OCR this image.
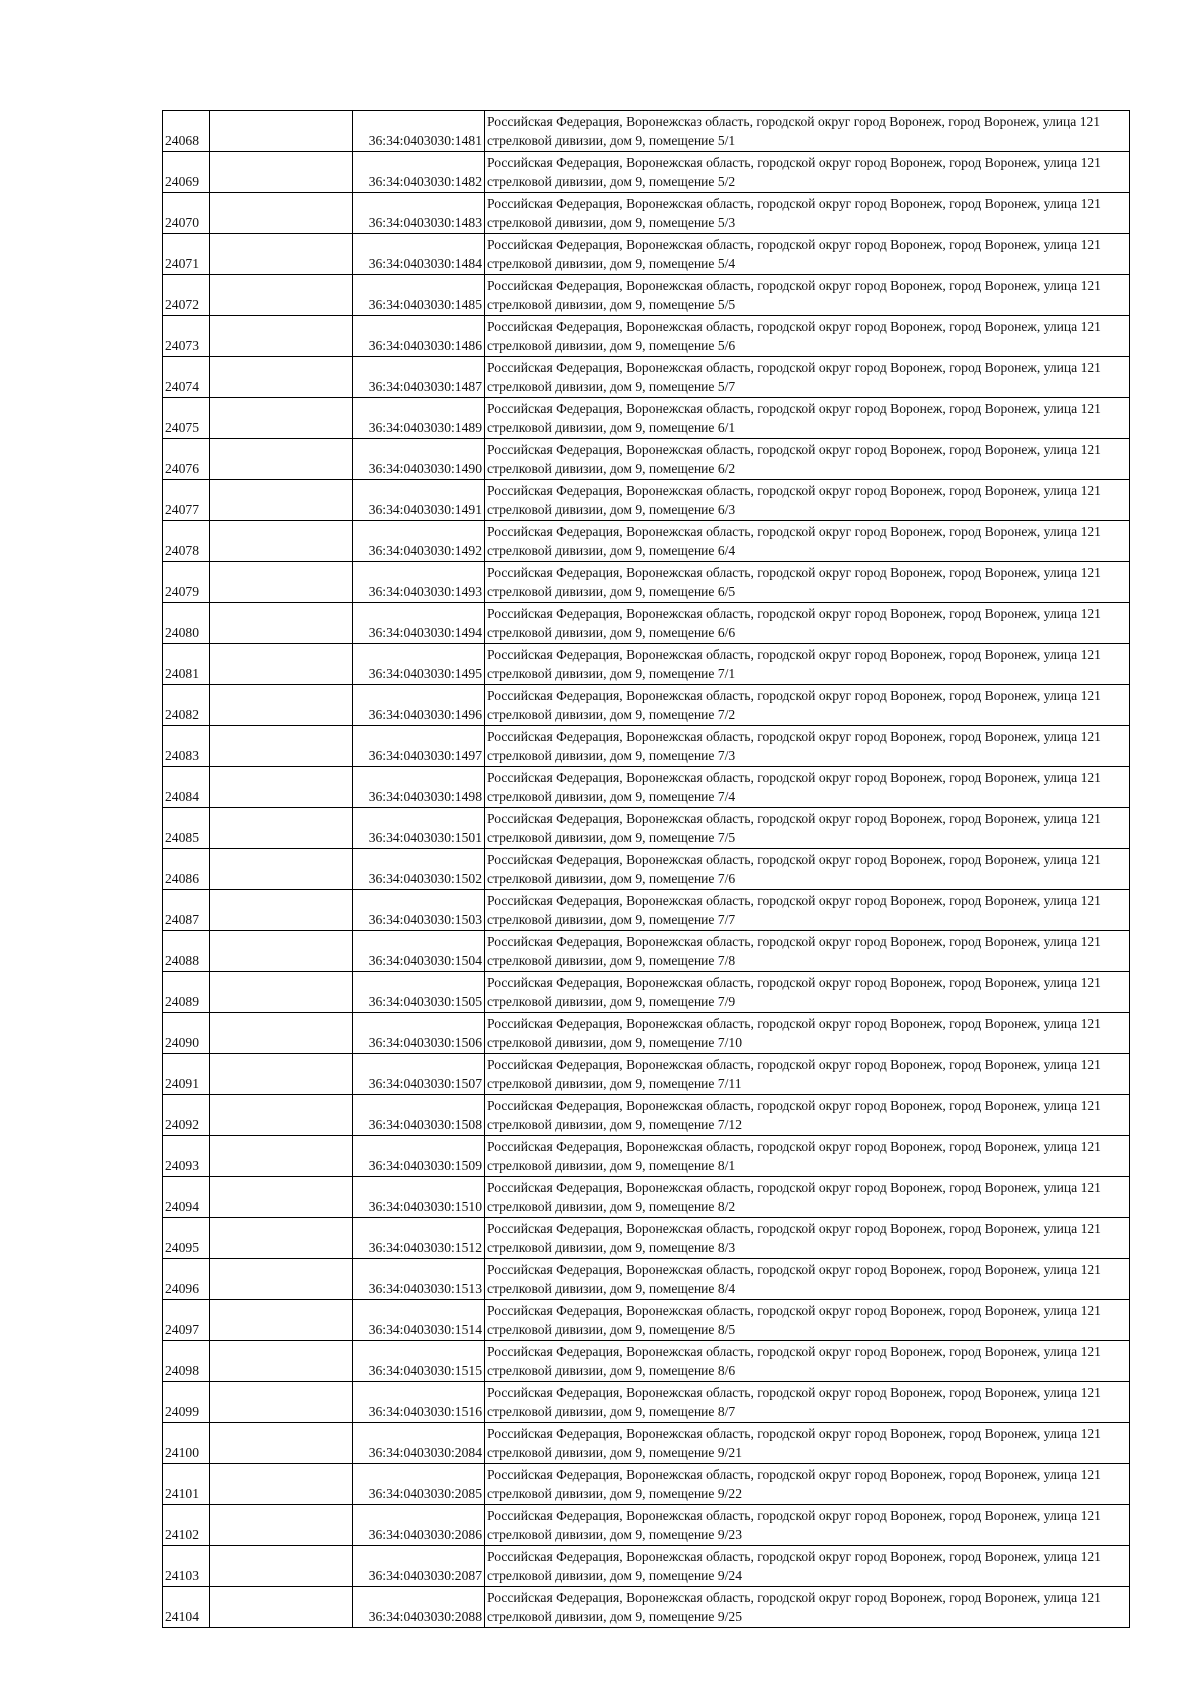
24068		36:34:0403030:1481	Российская Федерация, Воронежсказ область, городской округ город Воронеж, город Воронеж, улица 121 стрелковой дивизии, дом 9, помещение 5/1
24069		36:34:0403030:1482	Российская Федерация, Воронежская область, городской округ город Воронеж, город Воронеж, улица 121 стрелковой дивизии, дом 9, помещение 5/2
24070		36:34:0403030:1483	Российская Федерация, Воронежская область, городской округ город Воронеж, город Воронеж, улица 121 стрелковой дивизии, дом 9, помещение 5/3
24071		36:34:0403030:1484	Российская Федерация, Воронежская область, городской округ город Воронеж, город Воронеж, улица 121 стрелковой дивизии, дом 9, помещение 5/4
24072		36:34:0403030:1485	Российская Федерация, Воронежская область, городской округ город Воронеж, город Воронеж, улица 121 стрелковой дивизии, дом 9, помещение 5/5
24073		36:34:0403030:1486	Российская Федерация, Воронежская область, городской округ город Воронеж, город Воронеж, улица 121 стрелковой дивизии, дом 9, помещение 5/6
24074		36:34:0403030:1487	Российская Федерация, Воронежская область, городской округ город Воронеж, город Воронеж, улица 121 стрелковой дивизии, дом 9, помещение 5/7
24075		36:34:0403030:1489	Российская Федерация, Воронежская область, городской округ город Воронеж, город Воронеж, улица 121 стрелковой дивизии, дом 9, помещение 6/1
24076		36:34:0403030:1490	Российская Федерация, Воронежская область, городской округ город Воронеж, город Воронеж, улица 121 стрелковой дивизии, дом 9, помещение 6/2
24077		36:34:0403030:1491	Российская Федерация, Воронежская область, городской округ город Воронеж, город Воронеж, улица 121 стрелковой дивизии, дом 9, помещение 6/3
24078		36:34:0403030:1492	Российская Федерация, Воронежская область, городской округ город Воронеж, город Воронеж, улица 121 стрелковой дивизии, дом 9, помещение 6/4
24079		36:34:0403030:1493	Российская Федерация, Воронежская область, городской округ город Воронеж, город Воронеж, улица 121 стрелковой дивизии, дом 9, помещение 6/5
24080		36:34:0403030:1494	Российская Федерация, Воронежская область, городской округ город Воронеж, город Воронеж, улица 121 стрелковой дивизии, дом 9, помещение 6/6
24081		36:34:0403030:1495	Российская Федерация, Воронежская область, городской округ город Воронеж, город Воронеж, улица 121 стрелковой дивизии, дом 9, помещение 7/1
24082		36:34:0403030:1496	Российская Федерация, Воронежская область, городской округ город Воронеж, город Воронеж, улица 121 стрелковой дивизии, дом 9, помещение 7/2
24083		36:34:0403030:1497	Российская Федерация, Воронежская область, городской округ город Воронеж, город Воронеж, улица 121 стрелковой дивизии, дом 9, помещение 7/3
24084		36:34:0403030:1498	Российская Федерация, Воронежская область, городской округ город Воронеж, город Воронеж, улица 121 стрелковой дивизии, дом 9, помещение 7/4
24085		36:34:0403030:1501	Российская Федерация, Воронежская область, городской округ город Воронеж, город Воронеж, улица 121 стрелковой дивизии, дом 9, помещение 7/5
24086		36:34:0403030:1502	Российская Федерация, Воронежская область, городской округ город Воронеж, город Воронеж, улица 121 стрелковой дивизии, дом 9, помещение 7/6
24087		36:34:0403030:1503	Российская Федерация, Воронежская область, городской округ город Воронеж, город Воронеж, улица 121 стрелковой дивизии, дом 9, помещение 7/7
24088		36:34:0403030:1504	Российская Федерация, Воронежская область, городской округ город Воронеж, город Воронеж, улица 121 стрелковой дивизии, дом 9, помещение 7/8
24089		36:34:0403030:1505	Российская Федерация, Воронежская область, городской округ город Воронеж, город Воронеж, улица 121 стрелковой дивизии, дом 9, помещение 7/9
24090		36:34:0403030:1506	Российская Федерация, Воронежская область, городской округ город Воронеж, город Воронеж, улица 121 стрелковой дивизии, дом 9, помещение 7/10
24091		36:34:0403030:1507	Российская Федерация, Воронежская область, городской округ город Воронеж, город Воронеж, улица 121 стрелковой дивизии, дом 9, помещение 7/11
24092		36:34:0403030:1508	Российская Федерация, Воронежская область, городской округ город Воронеж, город Воронеж, улица 121 стрелковой дивизии, дом 9, помещение 7/12
24093		36:34:0403030:1509	Российская Федерация, Воронежская область, городской округ город Воронеж, город Воронеж, улица 121 стрелковой дивизии, дом 9, помещение 8/1
24094		36:34:0403030:1510	Российская Федерация, Воронежская область, городской округ город Воронеж, город Воронеж, улица 121 стрелковой дивизии, дом 9, помещение 8/2
24095		36:34:0403030:1512	Российская Федерация, Воронежская область, городской округ город Воронеж, город Воронеж, улица 121 стрелковой дивизии, дом 9, помещение 8/3
24096		36:34:0403030:1513	Российская Федерация, Воронежская область, городской округ город Воронеж, город Воронеж, улица 121 стрелковой дивизии, дом 9, помещение 8/4
24097		36:34:0403030:1514	Российская Федерация, Воронежская область, городской округ город Воронеж, город Воронеж, улица 121 стрелковой дивизии, дом 9, помещение 8/5
24098		36:34:0403030:1515	Российская Федерация, Воронежская область, городской округ город Воронеж, город Воронеж, улица 121 стрелковой дивизии, дом 9, помещение 8/6
24099		36:34:0403030:1516	Российская Федерация, Воронежская область, городской округ город Воронеж, город Воронеж, улица 121 стрелковой дивизии, дом 9, помещение 8/7
24100		36:34:0403030:2084	Российская Федерация, Воронежская область, городской округ город Воронеж, город Воронеж, улица 121 стрелковой дивизии, дом 9, помещение 9/21
24101		36:34:0403030:2085	Российская Федерация, Воронежская область, городской округ город Воронеж, город Воронеж, улица 121 стрелковой дивизии, дом 9, помещение 9/22
24102		36:34:0403030:2086	Российская Федерация, Воронежская область, городской округ город Воронеж, город Воронеж, улица 121 стрелковой дивизии, дом 9, помещение 9/23
24103		36:34:0403030:2087	Российская Федерация, Воронежская область, городской округ город Воронеж, город Воронеж, улица 121 стрелковой дивизии, дом 9, помещение 9/24
24104		36:34:0403030:2088	Российская Федерация, Воронежская область, городской округ город Воронеж, город Воронеж, улица 121 стрелковой дивизии, дом 9, помещение 9/25
